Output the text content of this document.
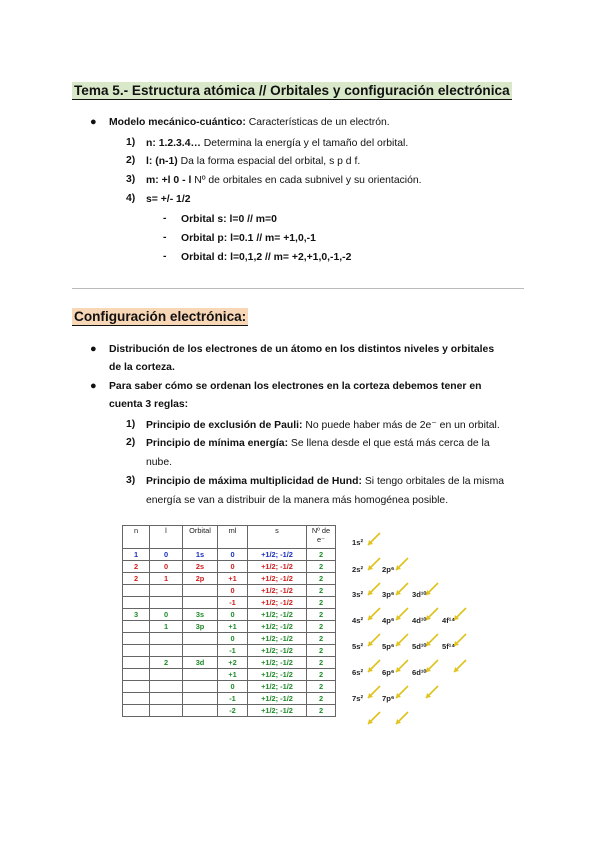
Tema 5.- Estructura atómica // Orbitales y configuración electrónica
● Modelo mecánico-cuántico: Características de un electrón.
1) n: 1.2.3.4… Determina la energía y el tamaño del orbital.
2) l: (n-1) Da la forma espacial del orbital, s p d f.
3) m: +l 0 - l Nº de orbitales en cada subnivel y su orientación.
4) s= +/- 1/2
- Orbital s: l=0 // m=0
- Orbital p: l=0.1 // m= +1,0,-1
- Orbital d: l=0,1,2 // m= +2,+1,0,-1,-2
Configuración electrónica:
● Distribución de los electrones de un átomo en los distintos niveles y orbitales
de la corteza.
● Para saber cómo se ordenan los electrones en la corteza debemos tener en
cuenta 3 reglas:
1) Principio de exclusión de Pauli: No puede haber más de 2e⁻ en un orbital.
2) Principio de mínima energía: Se llena desde el que está más cerca de la
nube.
3) Principio de máxima multiplicidad de Hund: Si tengo orbitales de la misma
energía se van a distribuir de la manera más homogénea posible.
n	l	Orbital	ml	s	Nº de e⁻
1	0	1s	0	+1/2; -1/2	2
2	0	2s	0	+1/2; -1/2	2
2	1	2p	+1	+1/2; -1/2	2
			0	+1/2; -1/2	2
			-1	+1/2; -1/2	2
3	0	3s	0	+1/2; -1/2	2
	1	3p	+1	+1/2; -1/2	2
			0	+1/2; -1/2	2
			-1	+1/2; -1/2	2
	2	3d	+2	+1/2; -1/2	2
			+1	+1/2; -1/2	2
			0	+1/2; -1/2	2
			-1	+1/2; -1/2	2
			-2	+1/2; -1/2	2
1s²
2s²	2p⁶
3s²	3p⁶ 3d¹⁰
4s²	4p⁶ 4d¹⁰ 4f¹⁴
5s²	5p⁶ 5d¹⁰ 5f¹⁴
6s²	6p⁶ 6d¹⁰
7s²	7p⁶
